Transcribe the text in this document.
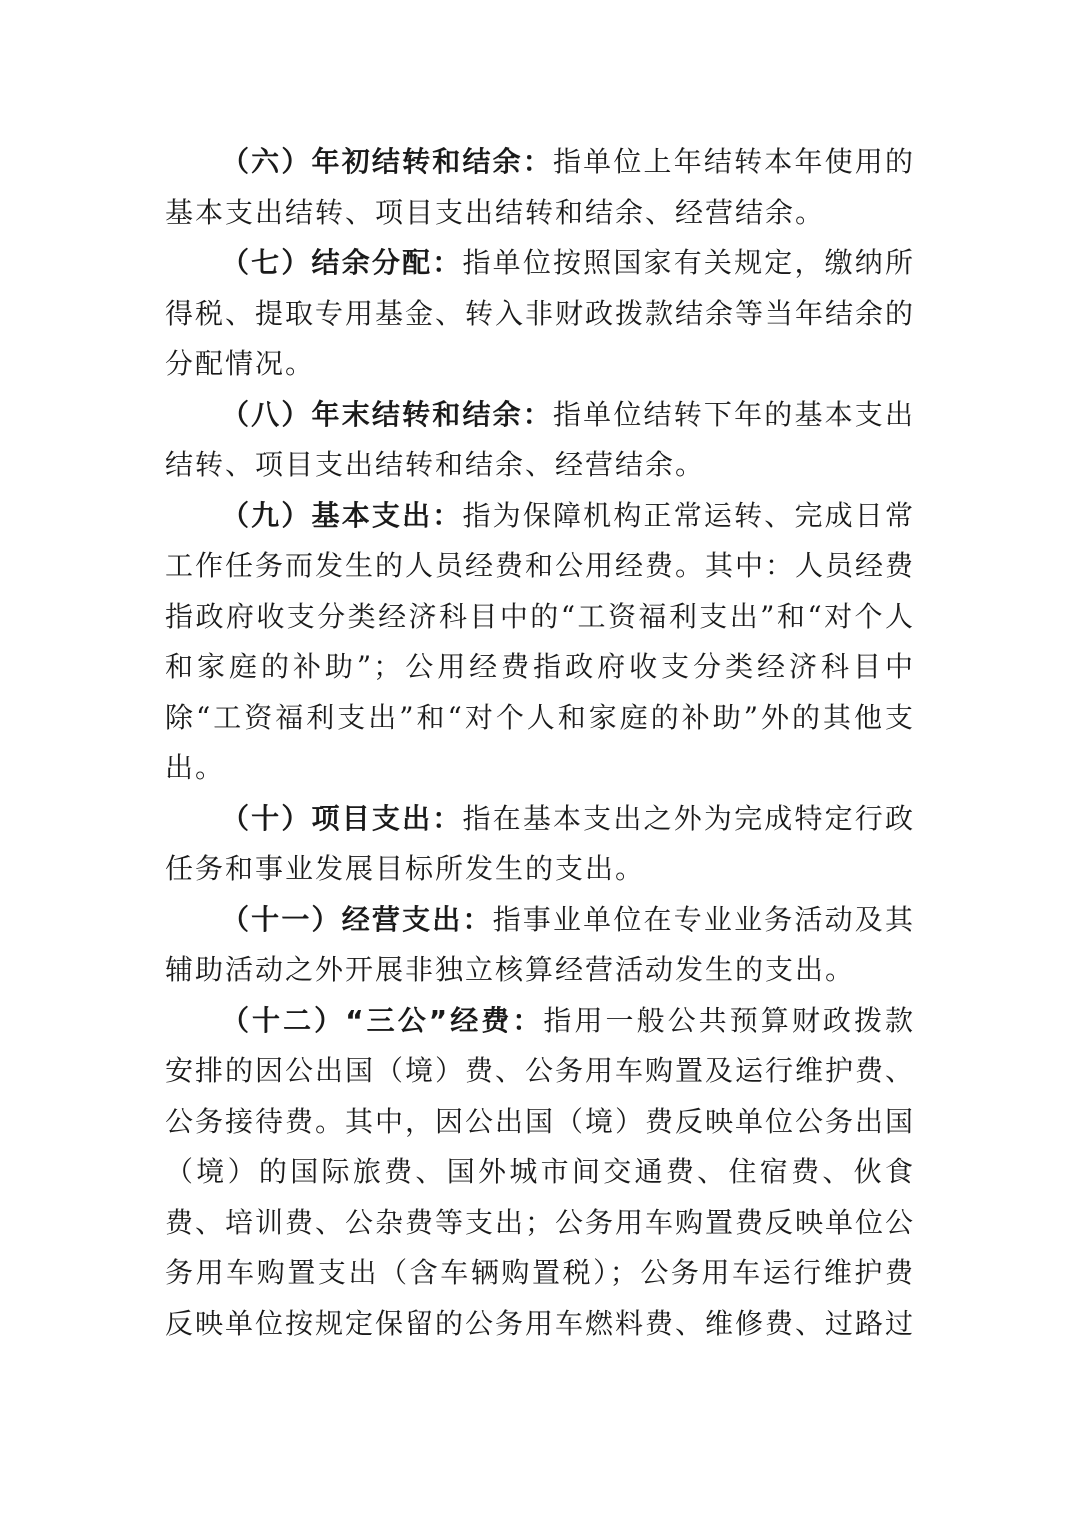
（六）年初结转和结余：指单位上年结转本年使用的基本支出结转、项目支出结转和结余、经营结余。

（七）结余分配：指单位按照国家有关规定，缴纳所得税、提取专用基金、转入非财政拨款结余等当年结余的分配情况。

（八）年末结转和结余：指单位结转下年的基本支出结转、项目支出结转和结余、经营结余。

（九）基本支出：指为保障机构正常运转、完成日常工作任务而发生的人员经费和公用经费。其中：人员经费指政府收支分类经济科目中的“工资福利支出”和“对个人和家庭的补助”；公用经费指政府收支分类经济科目中除“工资福利支出”和“对个人和家庭的补助”外的其他支出。

（十）项目支出：指在基本支出之外为完成特定行政任务和事业发展目标所发生的支出。

（十一）经营支出：指事业单位在专业业务活动及其辅助活动之外开展非独立核算经营活动发生的支出。

（十二）“三公”经费：指用一般公共预算财政拨款安排的因公出国（境）费、公务用车购置及运行维护费、公务接待费。其中，因公出国（境）费反映单位公务出国（境）的国际旅费、国外城市间交通费、住宿费、伙食费、培训费、公杂费等支出；公务用车购置费反映单位公务用车购置支出（含车辆购置税）；公务用车运行维护费反映单位按规定保留的公务用车燃料费、维修费、过路过
